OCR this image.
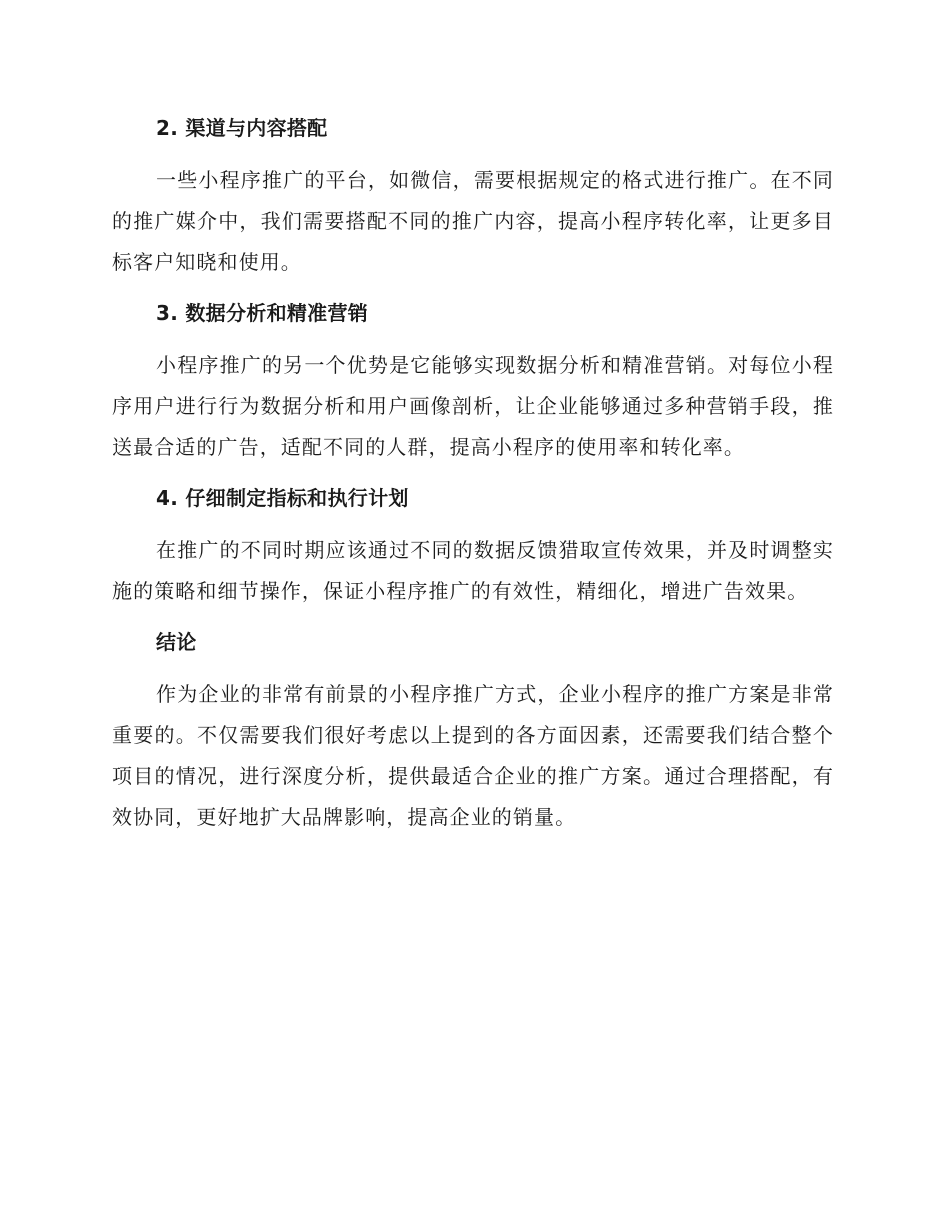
2. 渠道与内容搭配

一些小程序推广的平台，如微信，需要根据规定的格式进行推广。在不同的推广媒介中，我们需要搭配不同的推广内容，提高小程序转化率，让更多目标客户知晓和使用。

3. 数据分析和精准营销

小程序推广的另一个优势是它能够实现数据分析和精准营销。对每位小程序用户进行行为数据分析和用户画像剖析，让企业能够通过多种营销手段，推送最合适的广告，适配不同的人群，提高小程序的使用率和转化率。

4. 仔细制定指标和执行计划

在推广的不同时期应该通过不同的数据反馈猎取宣传效果，并及时调整实施的策略和细节操作，保证小程序推广的有效性，精细化，增进广告效果。

结论

作为企业的非常有前景的小程序推广方式，企业小程序的推广方案是非常重要的。不仅需要我们很好考虑以上提到的各方面因素，还需要我们结合整个项目的情况，进行深度分析，提供最适合企业的推广方案。通过合理搭配，有效协同，更好地扩大品牌影响，提高企业的销量。
